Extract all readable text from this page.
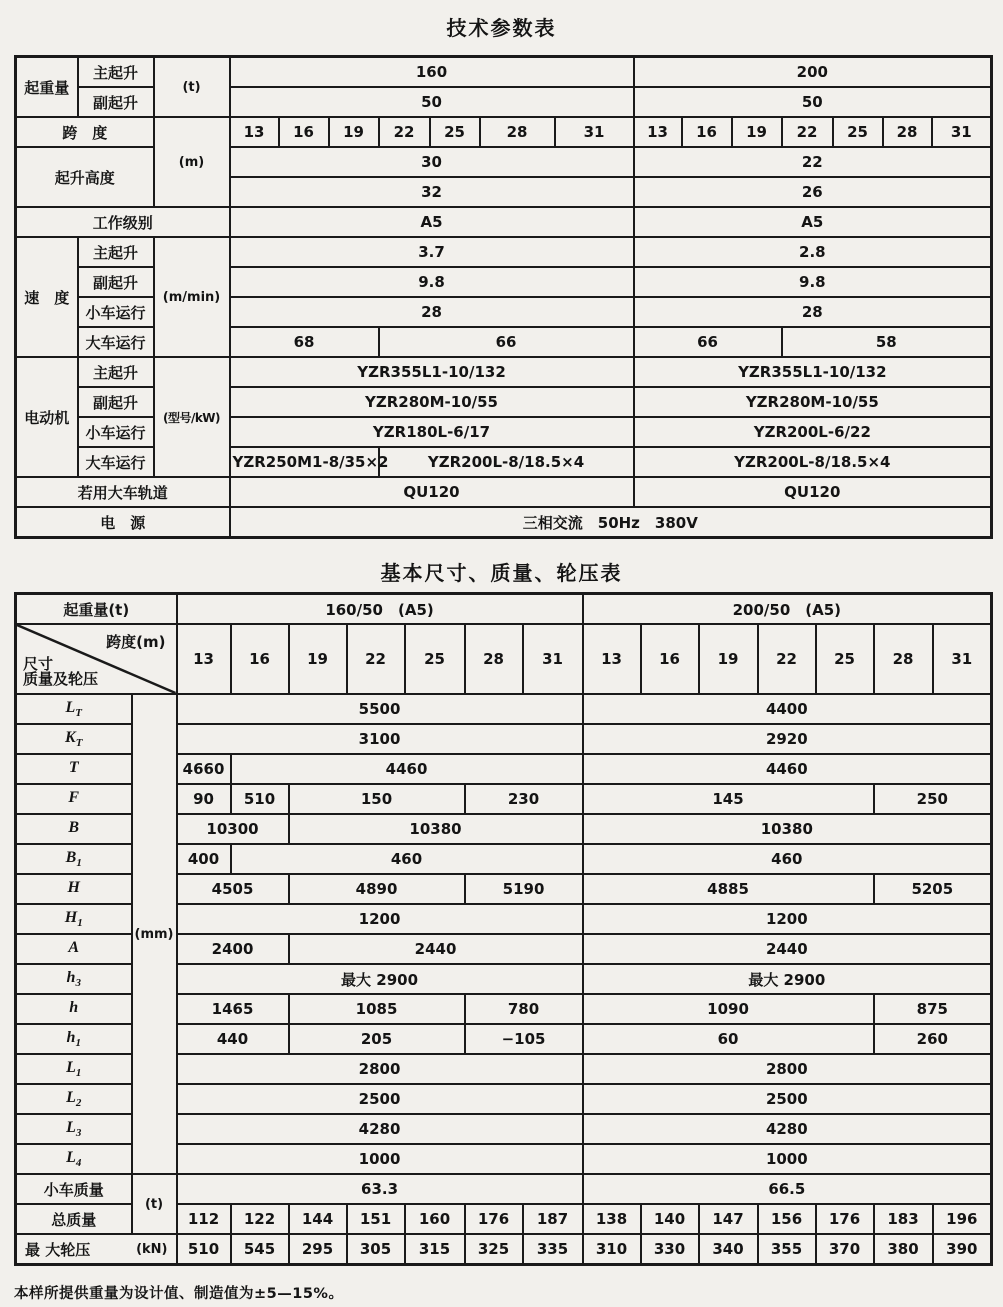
技术参数表
起重量	主起升	(t)	160							200						
	副起升		50							50						
跨　度		(m)	13	16	19	22	25	28	31	13	16	19	22	25	28	31
起升高度			30							22						
			32							26						
工作级别			A5							A5						
速　度	主起升	(m/min)	3.7							2.8						
	副起升		9.8							9.8						
	小车运行		28							28						
	大车运行		68			66				66			58			
电动机	主起升	(型号/kW)	YZR355L1-10/132							YZR355L1-10/132						
	副起升		YZR280M-10/55							YZR280M-10/55						
	小车运行		YZR180L-6/17							YZR200L-6/22						
	大车运行		YZR250M1-8/35×2			YZR200L-8/18.5×4				YZR200L-8/18.5×4						
若用大车轨道			QU120							QU120						
电　源			三相交流　50Hz　380V													
基本尺寸、质量、轮压表
起重量(t)		160/50　(A5)							200/50　(A5)						

跨度(m)
尺寸
质量及轮压		13	16	19	22	25	28	31	13	16	19	22	25	28	31
$L_T$	(mm)	5500							4400						
$K_T$		3100							2920						
T		4660	4460						4460						
F		90	510	150			230		145					250	
B		10300		10380					10380						
$B_1$		400	460						460						
H		4505		4890			5190		4885					5205	
$H_1$		1200							1200						
A		2400		2440					2440						
$h_3$		最大 2900							最大 2900						
h		1465		1085			780		1090					875	
$h_1$		440		205			−105		60					260	
$L_1$		2800							2800						
$L_2$		2500							2500						
$L_3$		4280							4280						
$L_4$		1000							1000						
小车质量	(t)	63.3							66.5						
总质量		112	122	144	151	160	176	187	138	140	147	156	176	183	196

最 大轮压 (kN)		510	545	295	305	315	325	335	310	330	340	355	370	380	390

本样所提供重量为设计值、制造值为±5—15%。
